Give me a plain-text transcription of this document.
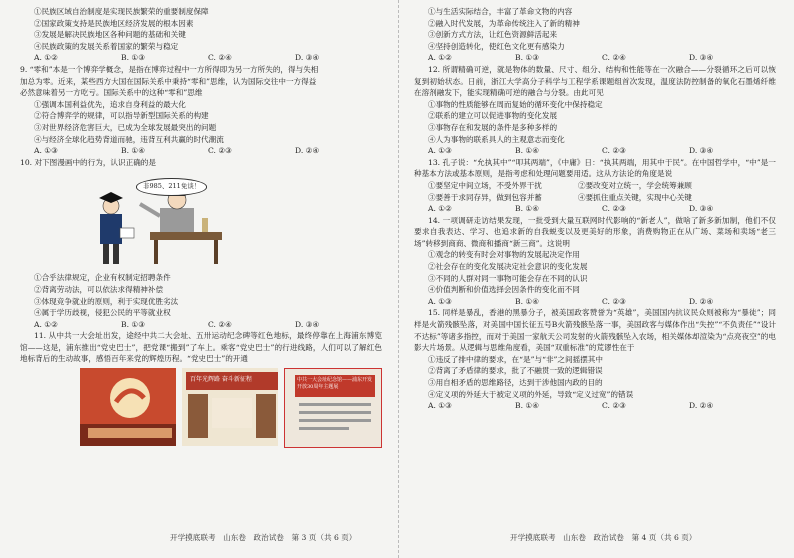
①民族区域自治制度是实现民族繁荣的重要制度保障
②国家政策支持是民族地区经济发展的根本因素
③发展是解决民族地区各种问题的基础和关键
④民族政策的发展关系着国家的繁荣与稳定
A. ①②	B. ①③	C. ②④	D. ③④
9. “零和”本是一个博弈学概念，是指在博弈过程中一方所得即为另一方所失的，得与失相
加总为零。近来，某些西方大国在国际关系中秉持“零和”思维，认为国际交往中一方得益
必然意味着另一方吃亏。国际关系中的这种“零和”思维
①强调本国利益优先，追求自身利益的最大化
②符合博弈学的规律，可以指导新型国际关系的构建
③对世界经济危害巨大，已成为全球发展最突出的问题
④与经济全球化趋势背道而驰，违背互利共赢的时代潮流
A. ①③	B. ①④	C. ②③	D. ②④
10. 对下图漫画中的行为，认识正确的是
非985、211免谈！
①合乎法律规定，企业有权制定招聘条件
②背离劳动法，可以依法求得精神补偿
③体现竞争就业的原则，利于实现优胜劣汰
④属于学历歧视，侵犯公民的平等就业权
A. ①②	B. ①③	C. ②④	D. ③④
11. 从中共一大会址出发，途经中共二大会址、五卅运动纪念碑等红色地标，最终停靠在上海浦东博览馆——这是，浦东推出“党史巴士”，把党课“搬到”了车上。乘客“党史巴士”的行进线路，人们可以了解红色地标背后的生动故事，感悟百年来党的辉煌历程。“党史巴士”的开通
百年光辉路 奋斗新征程	中共一大会址纪念馆——浦东开发开放30周年主题展
①与生活实际结合，丰富了革命文物的内容
②融入时代发展，为革命传统注入了新的精神
③创新方式方法，让红色资源鲜活起来
④坚持创造转化，使红色文化更有感染力
A. ①②	B. ①③	C. ②④	D. ③④
12. 所谓精确可逆，就是物体的数量、尺寸、组分、结构和性能等在一次融合——分裂循环之后可以恢复到初始状态。日前，浙江大学高分子科学与工程学系课题组首次发现，温度法防控制备的氧化石墨烯纤维在溶剂融发下，能实现精确可逆的融合与分裂。由此可见
①事物的性质能够在周而复始的循环变化中保持稳定
②联系的建立可以促进事物的变化发展
③事物存在和发展的条件是多种多样的
④人为事物的联系具人的主观意志而变化
A. ①③	B. ①④	C. ②③	D. ③④
13. 孔子说：“允执其中”“叩其两端”，《中庸》日：“执其两端，用其中于民”。在中国哲学中，“中”是一种基本方法或基本原则，是指考虑和处理问题要用适。这从方法论的角度是说
①要坚定中间立场，不受外界干扰	②要改变对立统一，学会统筹兼顾
③要善于求同存异，做到包容并蓄	④要抓住重点关键，实现中心关键
A. ①②	B. ①④	C. ②③	D. ③④
14. 一项调研走访结果发现，一批受到大量互联网时代影响的“新老人”，做啥了新多新加制，他们不仅要求自我表达、学习、也追求新的自我蜕变以及更美好的形象，消费购物正在从广场、菜场和卖场“老三场”转移到商商、微商和播商“新三商”。这说明
①观念的转变有时会对事物的发展起决定作用
②社会存在的变化发展决定社会意识的变化发展
③不同的人群对同一事物可能会存在不同的认识
④价值判断和价值选择会因条件的变化而不同
A. ①③	B. ①④	C. ②③	D. ②④
15. 同样是暴乱，香港的黑暴分子，被美国政客赞誉为“英雄”，美国国内抗议民众则被称为“暴徒”；同样是火箭残骸坠落，对美国中国长征五号B火箭残骸坠落一事，美国政客与媒体作出“失控”“不负责任”“设计不达标”等诸多指控，而对于美国一家航天公司发射的火箭残骸坠入农场，相关媒体却渲染为“点亮夜空”的电影大片场景。从逻辑与思维角度看，美国“双重标准”的荒谬性在于
①违反了排中律的要求，在“是”与“非”之间摇摆其中
②背离了矛盾律的要求，批了不融贯一致的逻辑错误
③用自相矛盾的思维路径，达到干涉他国内政的目的
④定义项的外延大于被定义项的外延，导致“定义过宽”的错误
A. ①③	B. ①④	C. ②③	D. ②④
开学摸底联考　山东卷　政治试卷　第 3 页（共 6 页）	开学摸底联考　山东卷　政治试卷　第 4 页（共 6 页）
